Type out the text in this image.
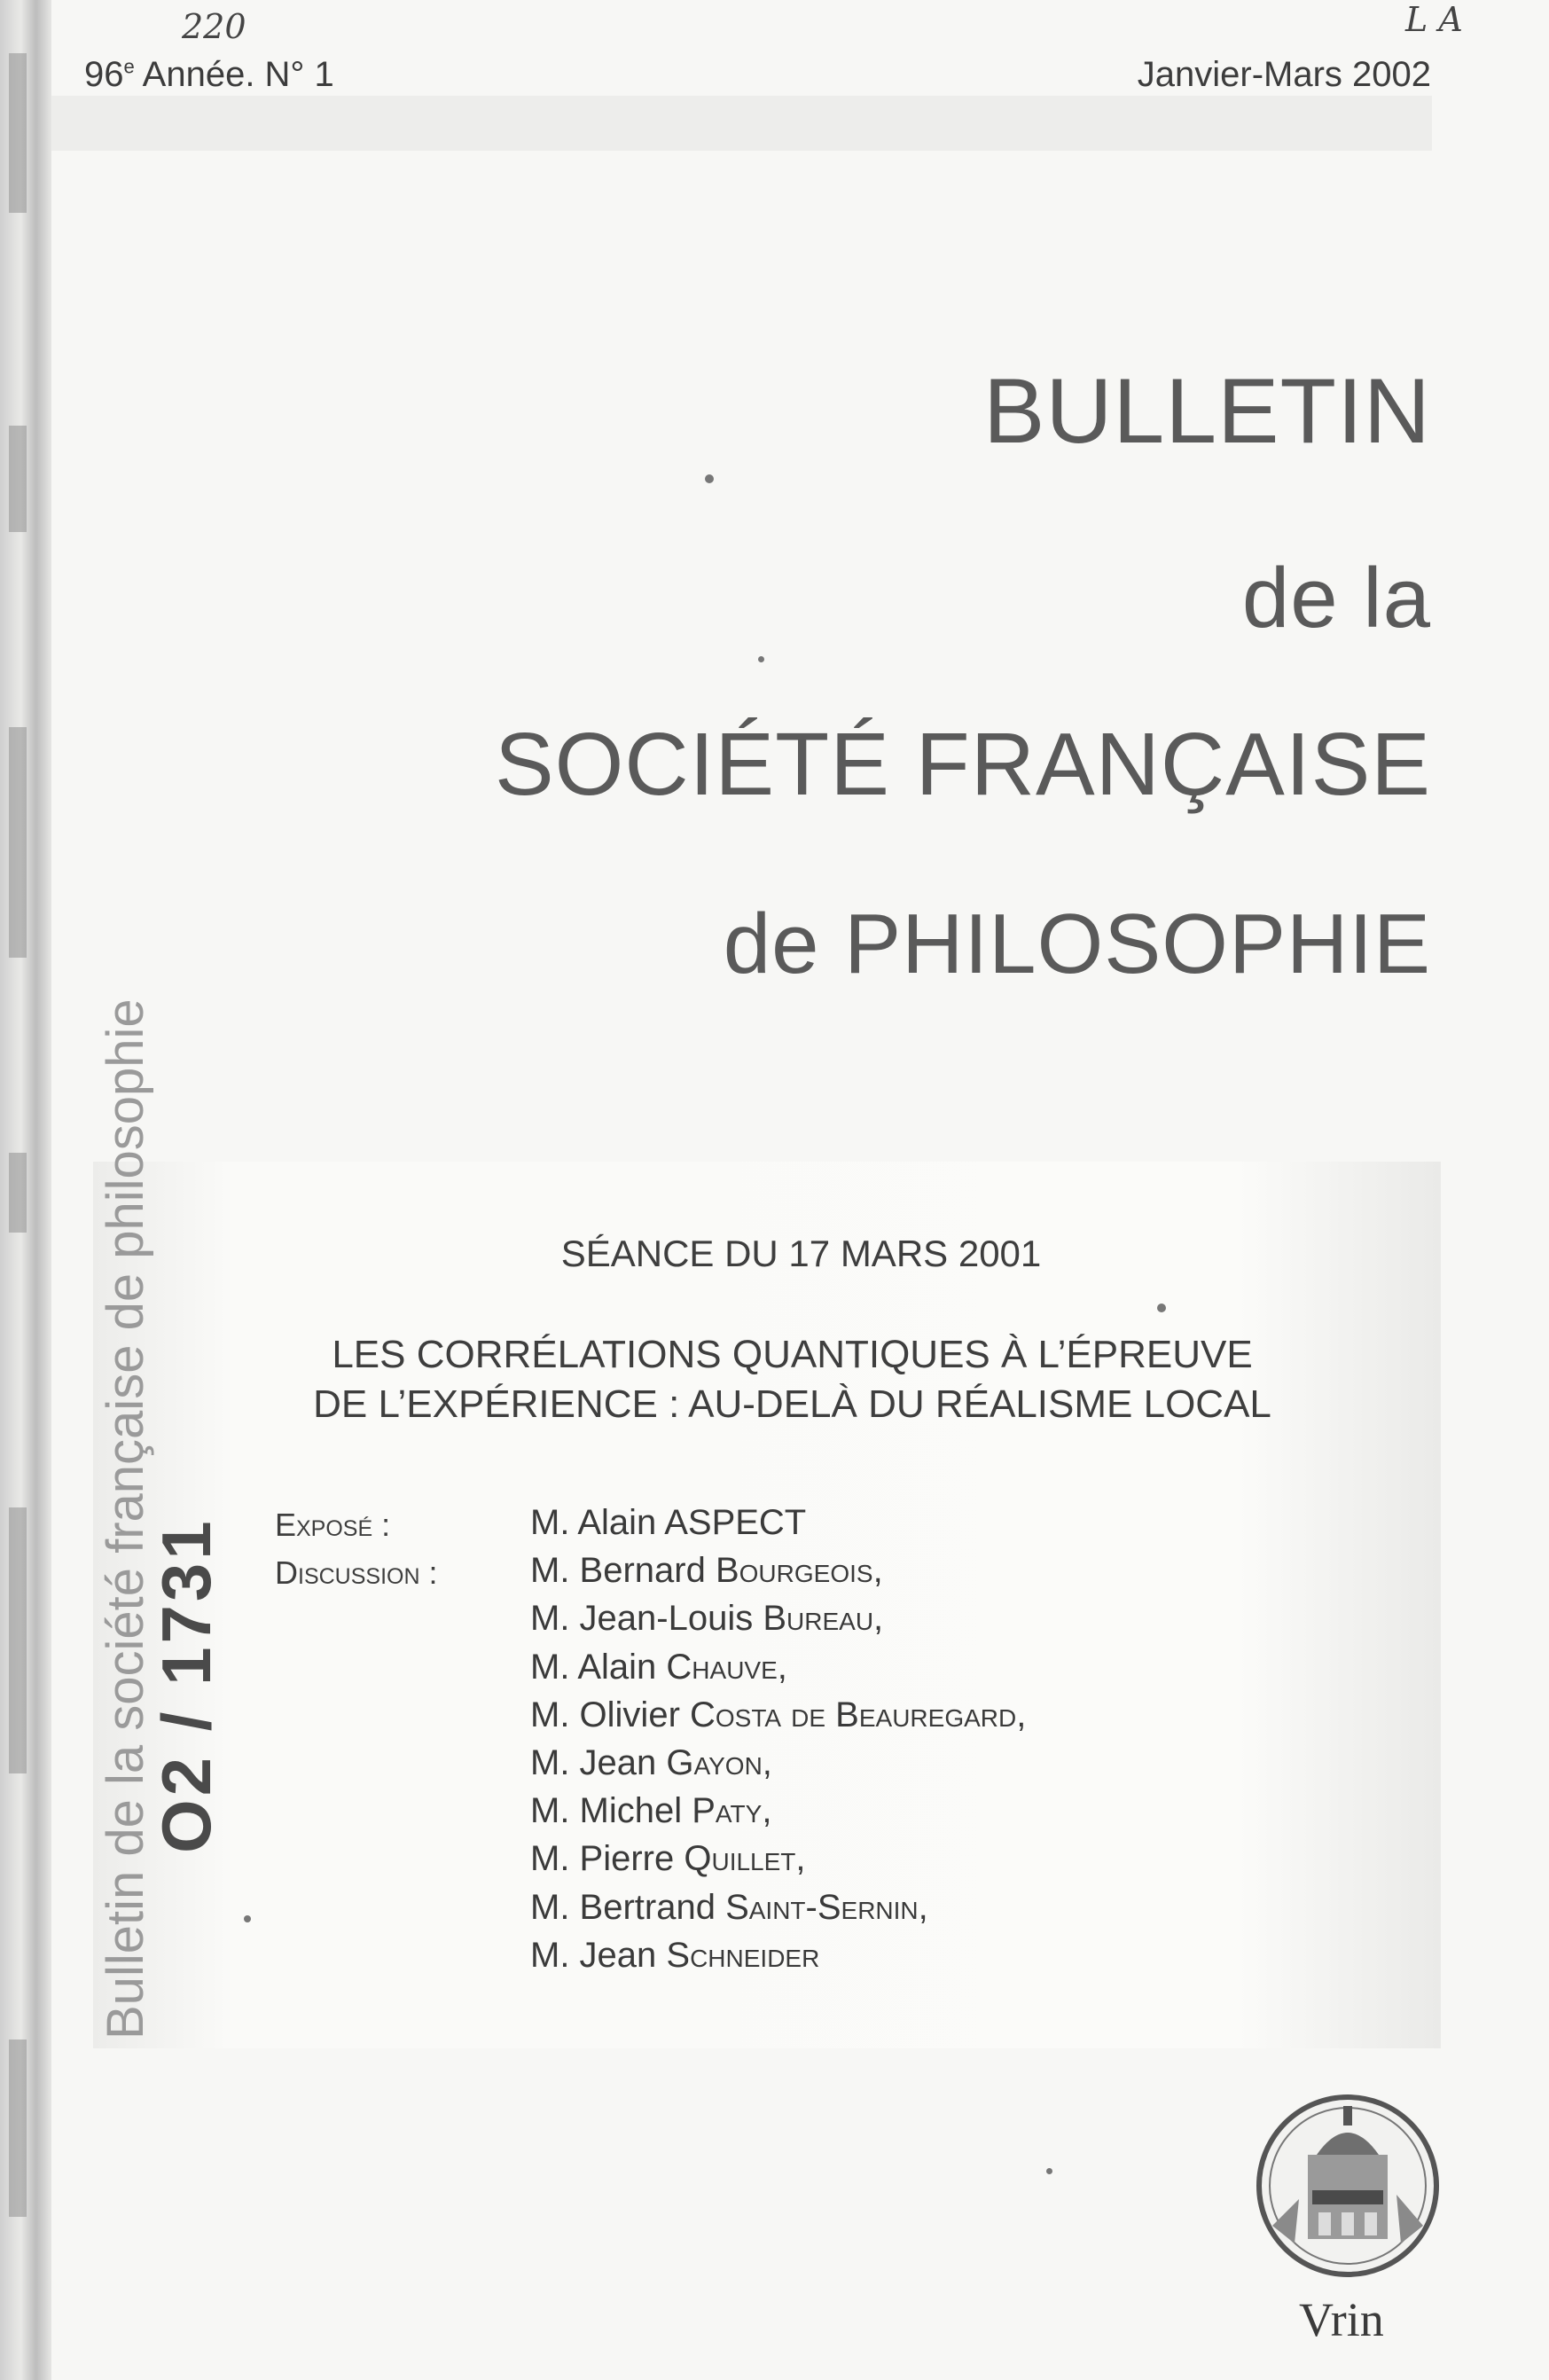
220	L A
96e Année. N° 1	Janvier-Mars 2002
BULLETIN
de la
SOCIÉTÉ FRANÇAISE
de PHILOSOPHIE
SÉANCE DU 17 MARS 2001
LES CORRÉLATIONS QUANTIQUES À L’ÉPREUVE
DE L’EXPÉRIENCE : AU-DELÀ DU RÉALISME LOCAL
Exposé :
Discussion :
M. Alain ASPECT
M. Bernard Bourgeois,
M. Jean-Louis Bureau,
M. Alain Chauve,
M. Olivier Costa de Beauregard,
M. Jean Gayon,
M. Michel Paty,
M. Pierre Quillet,
M. Bertrand Saint-Sernin,
M. Jean Schneider
Bulletin de la société française de philosophie
O2 / 1731
Vrin
